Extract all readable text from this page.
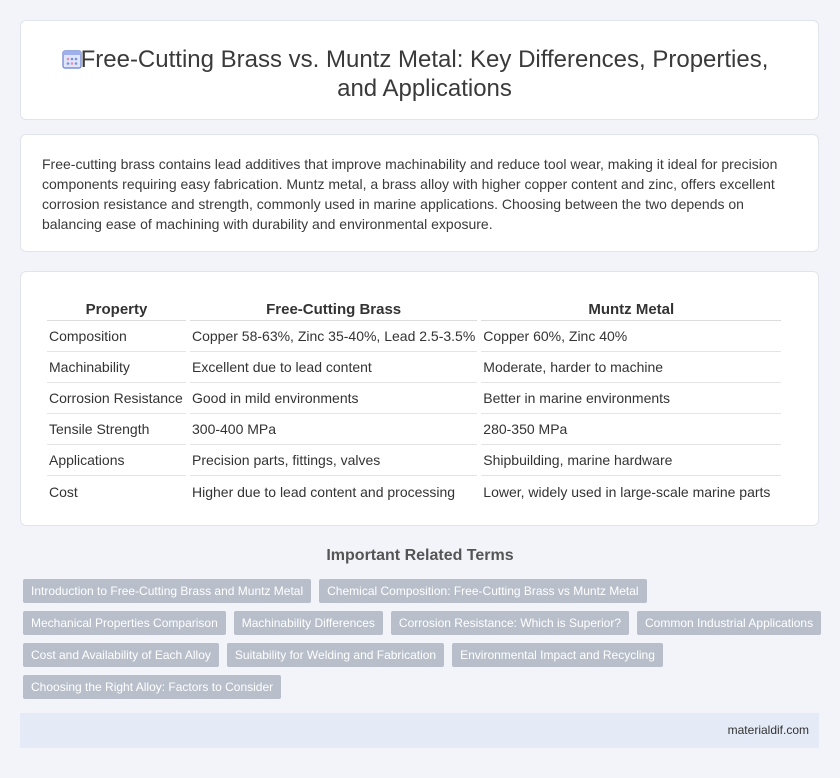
Free-Cutting Brass vs. Muntz Metal: Key Differences, Properties, and Applications

Free-cutting brass contains lead additives that improve machinability and reduce tool wear, making it ideal for precision components requiring easy fabrication. Muntz metal, a brass alloy with higher copper content and zinc, offers excellent corrosion resistance and strength, commonly used in marine applications. Choosing between the two depends on balancing ease of machining with durability and environmental exposure.

Property	Free-Cutting Brass	Muntz Metal
Composition	Copper 58-63%, Zinc 35-40%, Lead 2.5-3.5%	Copper 60%, Zinc 40%
Machinability	Excellent due to lead content	Moderate, harder to machine
Corrosion Resistance	Good in mild environments	Better in marine environments
Tensile Strength	300-400 MPa	280-350 MPa
Applications	Precision parts, fittings, valves	Shipbuilding, marine hardware
Cost	Higher due to lead content and processing	Lower, widely used in large-scale marine parts
Important Related Terms
Introduction to Free-Cutting Brass and Muntz Metal	Chemical Composition: Free-Cutting Brass vs Muntz Metal
Mechanical Properties Comparison	Machinability Differences	Corrosion Resistance: Which is Superior?	Common Industrial Applications
Cost and Availability of Each Alloy	Suitability for Welding and Fabrication	Environmental Impact and Recycling
Choosing the Right Alloy: Factors to Consider
materialdif.com
